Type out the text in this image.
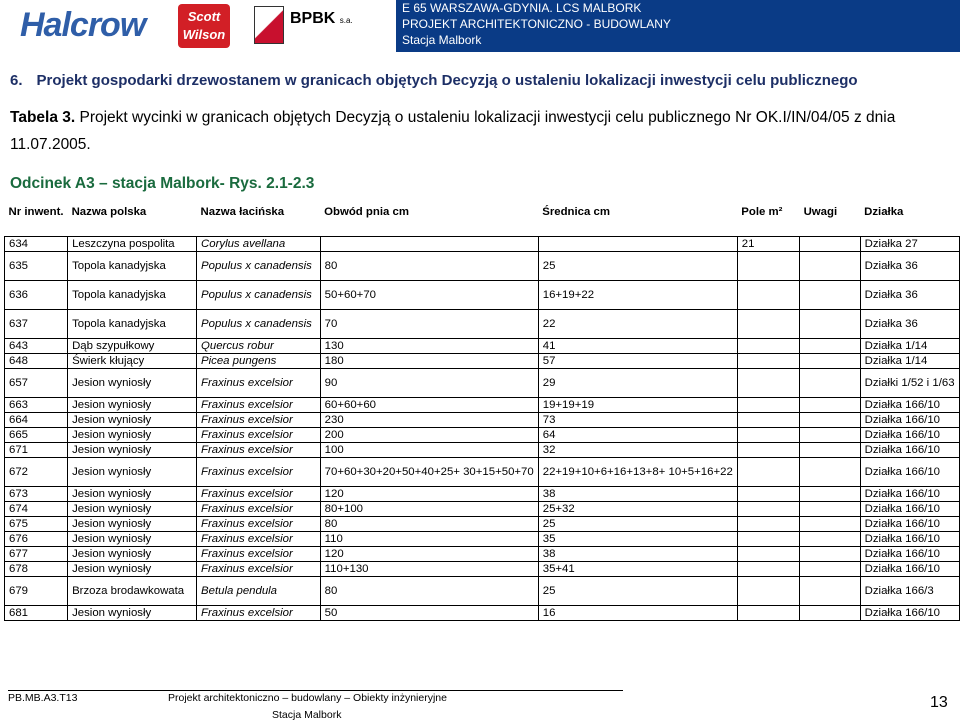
Halcrow	Scott
Wilson
BPBK s.a.
E 65 WARSZAWA-GDYNIA. LCS MALBORK
PROJEKT ARCHITEKTONICZNO - BUDOWLANY
Stacja Malbork
6. Projekt gospodarki drzewostanem w granicach objętych Decyzją o ustaleniu lokalizacji inwestycji celu publicznego
Tabela 3. Projekt wycinki w granicach objętych Decyzją o ustaleniu lokalizacji inwestycji celu publicznego Nr OK.I/IN/04/05 z dnia 11.07.2005.
Odcinek A3 – stacja Malbork- Rys. 2.1-2.3
Nr inwent.	Nazwa polska	Nazwa łacińska	Obwód pnia cm	Średnica cm	Pole m²	Uwagi	Działka
634	Leszczyna pospolita	Corylus avellana			21		Działka 27
635	Topola kanadyjska	Populus x canadensis	80	25			Działka 36
636	Topola kanadyjska	Populus x canadensis	50+60+70	16+19+22			Działka 36
637	Topola kanadyjska	Populus x canadensis	70	22			Działka 36
643	Dąb szypułkowy	Quercus robur	130	41			Działka 1/14
648	Świerk kłujący	Picea pungens	180	57			Działka 1/14
657	Jesion wyniosły	Fraxinus excelsior	90	29			Działki 1/52 i 1/63
663	Jesion wyniosły	Fraxinus excelsior	60+60+60	19+19+19			Działka 166/10
664	Jesion wyniosły	Fraxinus excelsior	230	73			Działka 166/10
665	Jesion wyniosły	Fraxinus excelsior	200	64			Działka 166/10
671	Jesion wyniosły	Fraxinus excelsior	100	32			Działka 166/10
672	Jesion wyniosły	Fraxinus excelsior	70+60+30+20+50+40+25+ 30+15+50+70	22+19+10+6+16+13+8+ 10+5+16+22			Działka 166/10
673	Jesion wyniosły	Fraxinus excelsior	120	38			Działka 166/10
674	Jesion wyniosły	Fraxinus excelsior	80+100	25+32			Działka 166/10
675	Jesion wyniosły	Fraxinus excelsior	80	25			Działka 166/10
676	Jesion wyniosły	Fraxinus excelsior	110	35			Działka 166/10
677	Jesion wyniosły	Fraxinus excelsior	120	38			Działka 166/10
678	Jesion wyniosły	Fraxinus excelsior	110+130	35+41			Działka 166/10
679	Brzoza brodawkowata	Betula pendula	80	25			Działka 166/3
681	Jesion wyniosły	Fraxinus excelsior	50	16			Działka 166/10
PB.MB.A3.T13	Projekt architektoniczno – budowlany – Obiekty inżynieryjne
Stacja Malbork
13
